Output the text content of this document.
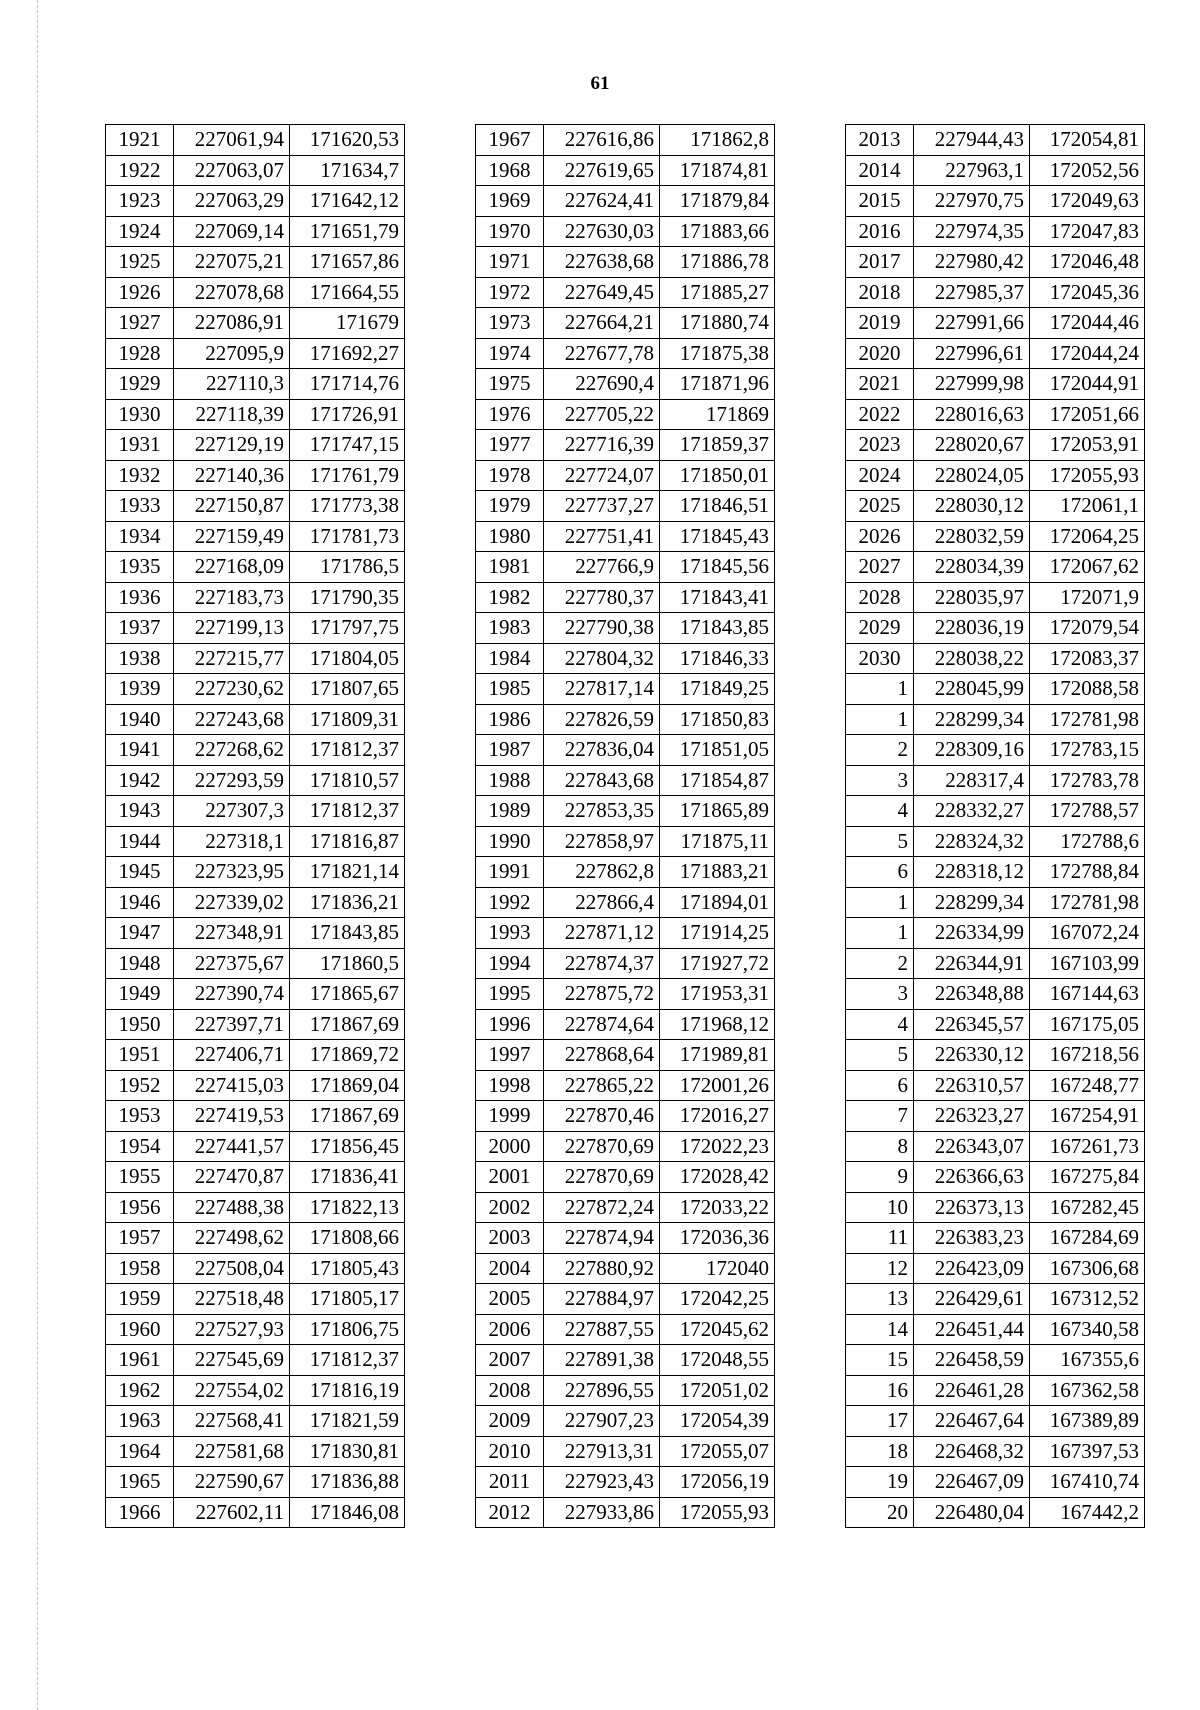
61
1921	227061,94	171620,53
1922	227063,07	171634,7
1923	227063,29	171642,12
1924	227069,14	171651,79
1925	227075,21	171657,86
1926	227078,68	171664,55
1927	227086,91	171679
1928	227095,9	171692,27
1929	227110,3	171714,76
1930	227118,39	171726,91
1931	227129,19	171747,15
1932	227140,36	171761,79
1933	227150,87	171773,38
1934	227159,49	171781,73
1935	227168,09	171786,5
1936	227183,73	171790,35
1937	227199,13	171797,75
1938	227215,77	171804,05
1939	227230,62	171807,65
1940	227243,68	171809,31
1941	227268,62	171812,37
1942	227293,59	171810,57
1943	227307,3	171812,37
1944	227318,1	171816,87
1945	227323,95	171821,14
1946	227339,02	171836,21
1947	227348,91	171843,85
1948	227375,67	171860,5
1949	227390,74	171865,67
1950	227397,71	171867,69
1951	227406,71	171869,72
1952	227415,03	171869,04
1953	227419,53	171867,69
1954	227441,57	171856,45
1955	227470,87	171836,41
1956	227488,38	171822,13
1957	227498,62	171808,66
1958	227508,04	171805,43
1959	227518,48	171805,17
1960	227527,93	171806,75
1961	227545,69	171812,37
1962	227554,02	171816,19
1963	227568,41	171821,59
1964	227581,68	171830,81
1965	227590,67	171836,88
1966	227602,11	171846,08
1967	227616,86	171862,8
1968	227619,65	171874,81
1969	227624,41	171879,84
1970	227630,03	171883,66
1971	227638,68	171886,78
1972	227649,45	171885,27
1973	227664,21	171880,74
1974	227677,78	171875,38
1975	227690,4	171871,96
1976	227705,22	171869
1977	227716,39	171859,37
1978	227724,07	171850,01
1979	227737,27	171846,51
1980	227751,41	171845,43
1981	227766,9	171845,56
1982	227780,37	171843,41
1983	227790,38	171843,85
1984	227804,32	171846,33
1985	227817,14	171849,25
1986	227826,59	171850,83
1987	227836,04	171851,05
1988	227843,68	171854,87
1989	227853,35	171865,89
1990	227858,97	171875,11
1991	227862,8	171883,21
1992	227866,4	171894,01
1993	227871,12	171914,25
1994	227874,37	171927,72
1995	227875,72	171953,31
1996	227874,64	171968,12
1997	227868,64	171989,81
1998	227865,22	172001,26
1999	227870,46	172016,27
2000	227870,69	172022,23
2001	227870,69	172028,42
2002	227872,24	172033,22
2003	227874,94	172036,36
2004	227880,92	172040
2005	227884,97	172042,25
2006	227887,55	172045,62
2007	227891,38	172048,55
2008	227896,55	172051,02
2009	227907,23	172054,39
2010	227913,31	172055,07
2011	227923,43	172056,19
2012	227933,86	172055,93
2013	227944,43	172054,81
2014	227963,1	172052,56
2015	227970,75	172049,63
2016	227974,35	172047,83
2017	227980,42	172046,48
2018	227985,37	172045,36
2019	227991,66	172044,46
2020	227996,61	172044,24
2021	227999,98	172044,91
2022	228016,63	172051,66
2023	228020,67	172053,91
2024	228024,05	172055,93
2025	228030,12	172061,1
2026	228032,59	172064,25
2027	228034,39	172067,62
2028	228035,97	172071,9
2029	228036,19	172079,54
2030	228038,22	172083,37
1	228045,99	172088,58
1	228299,34	172781,98
2	228309,16	172783,15
3	228317,4	172783,78
4	228332,27	172788,57
5	228324,32	172788,6
6	228318,12	172788,84
1	228299,34	172781,98
1	226334,99	167072,24
2	226344,91	167103,99
3	226348,88	167144,63
4	226345,57	167175,05
5	226330,12	167218,56
6	226310,57	167248,77
7	226323,27	167254,91
8	226343,07	167261,73
9	226366,63	167275,84
10	226373,13	167282,45
11	226383,23	167284,69
12	226423,09	167306,68
13	226429,61	167312,52
14	226451,44	167340,58
15	226458,59	167355,6
16	226461,28	167362,58
17	226467,64	167389,89
18	226468,32	167397,53
19	226467,09	167410,74
20	226480,04	167442,2
